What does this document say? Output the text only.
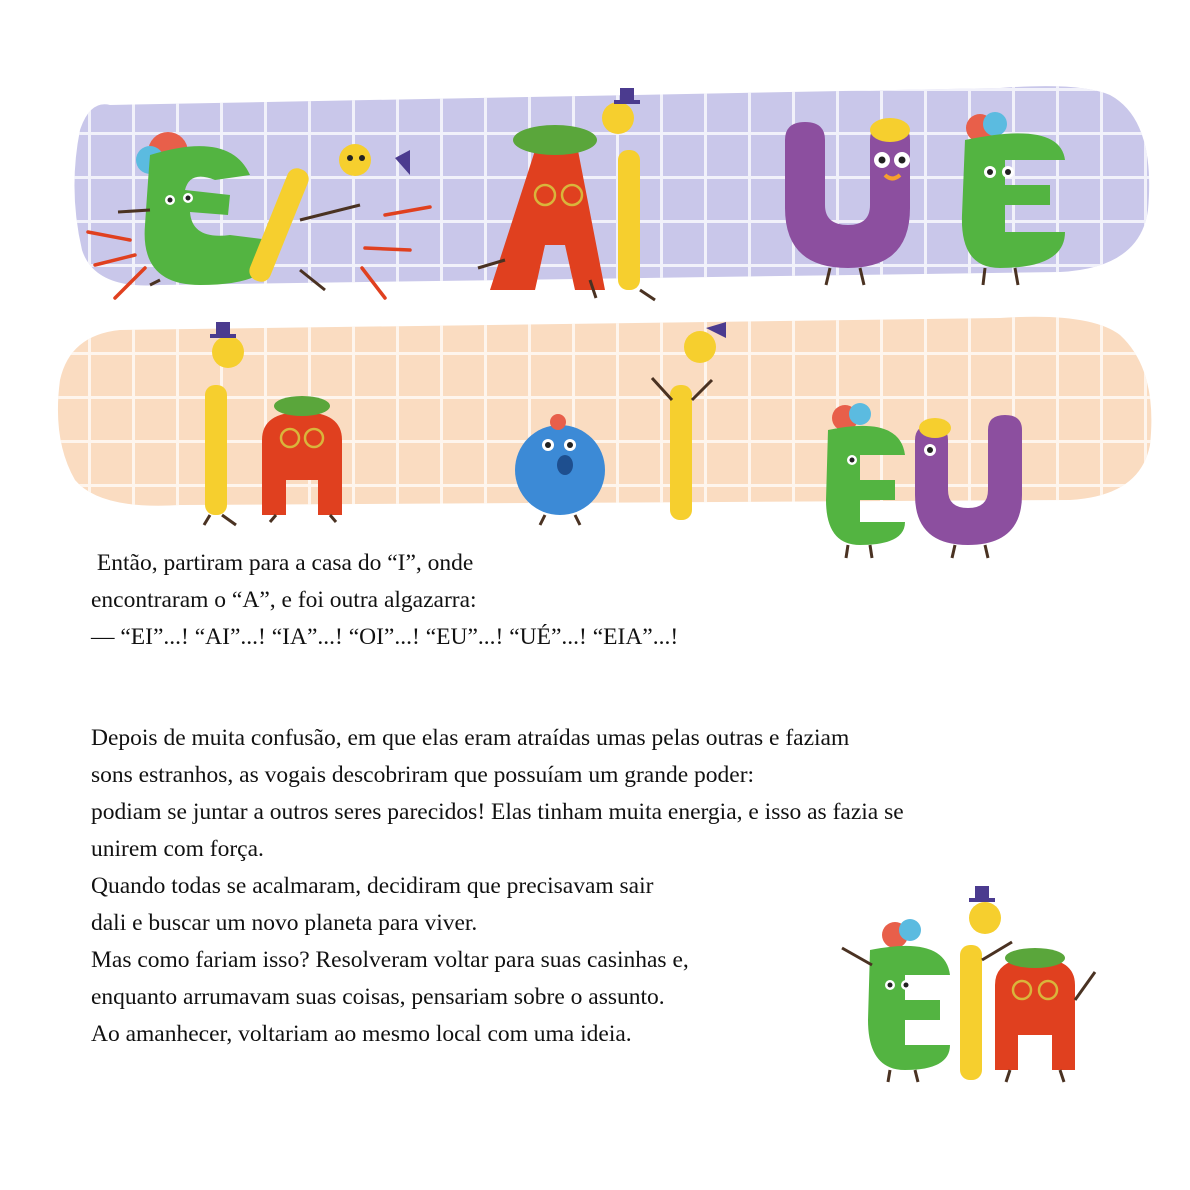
Então, partiram para a casa do “I”, onde
encontraram o “A”, e foi outra algazarra:
— “EI”...! “AI”...! “IA”...! “OI”...! “EU”...! “UÉ”...! “EIA”...!
Depois de muita confusão, em que elas eram atraídas umas pelas outras e faziam
sons estranhos, as vogais descobriram que possuíam um grande poder:
podiam se juntar a outros seres parecidos! Elas tinham muita energia, e isso as fazia se
unirem com força.
Quando todas se acalmaram, decidiram que precisavam sair
dali e buscar um novo planeta para viver.
Mas como fariam isso? Resolveram voltar para suas casinhas e,
enquanto arrumavam suas coisas, pensariam sobre o assunto.
Ao amanhecer, voltariam ao mesmo local com uma ideia.
